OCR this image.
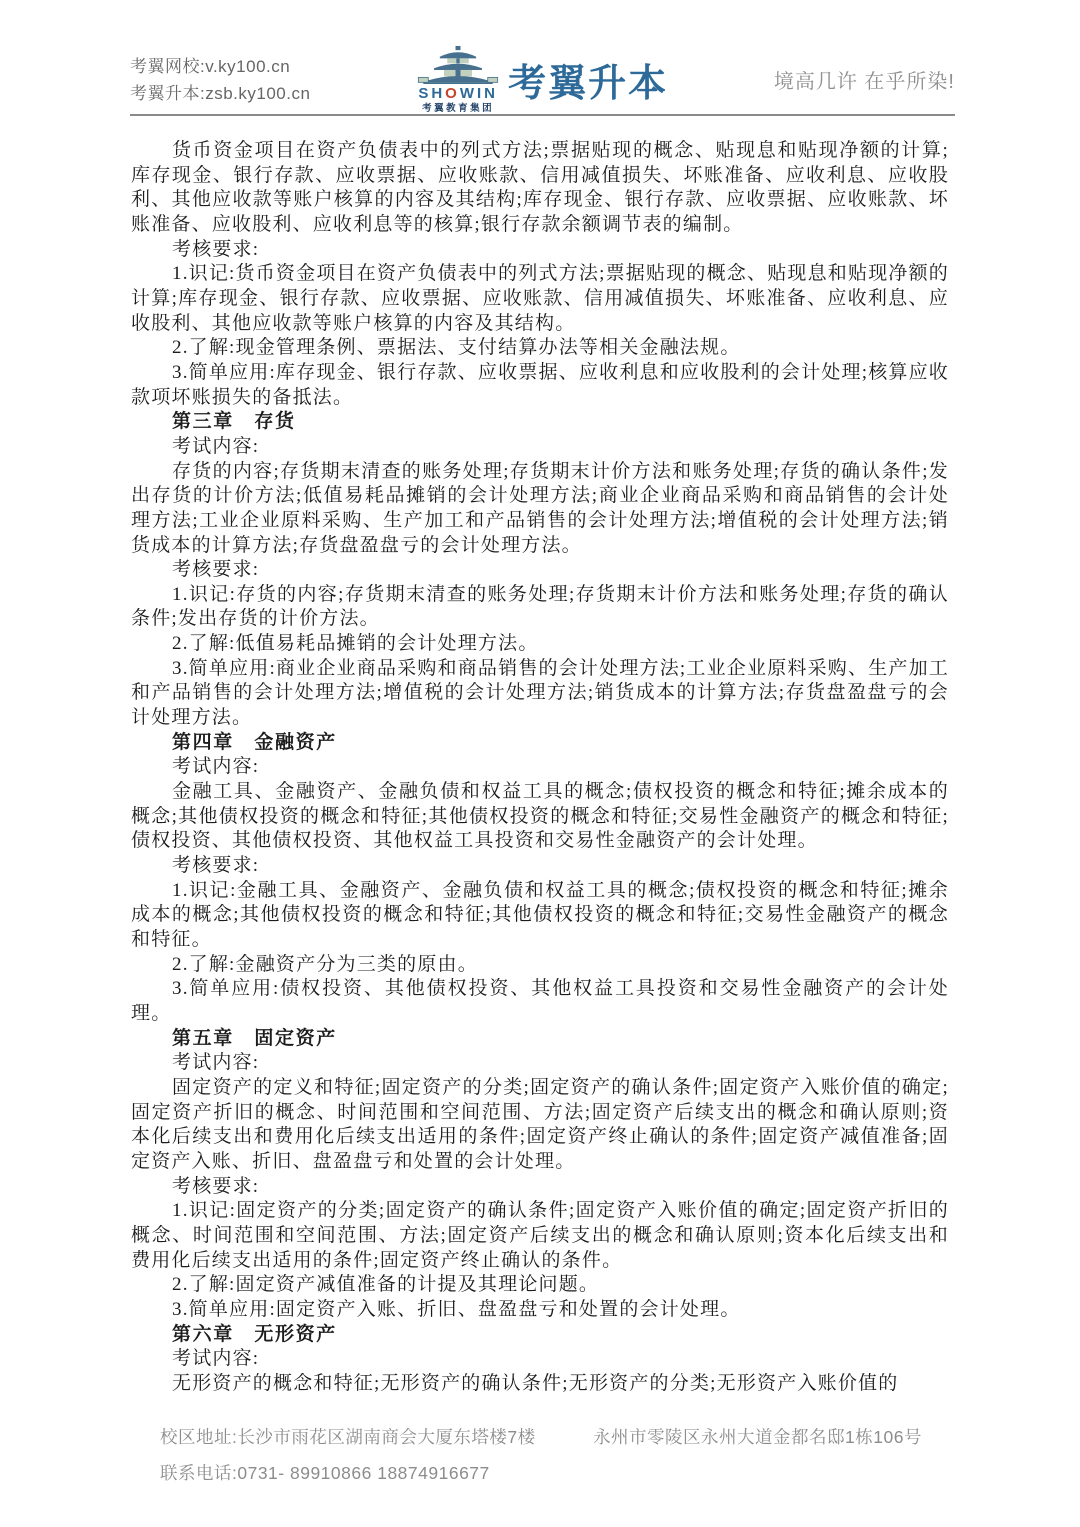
考翼网校:v.ky100.cn
考翼升本:zsb.ky100.cn	SHOWIN
考翼教育集团
考翼升本	境高几许 在乎所染!

货币资金项目在资产负债表中的列式方法;票据贴现的概念、贴现息和贴现净额的计算;库存现金、银行存款、应收票据、应收账款、信用减值损失、坏账准备、应收利息、应收股利、其他应收款等账户核算的内容及其结构;库存现金、银行存款、应收票据、应收账款、坏账准备、应收股利、应收利息等的核算;银行存款余额调节表的编制。

考核要求:

1.识记:货币资金项目在资产负债表中的列式方法;票据贴现的概念、贴现息和贴现净额的计算;库存现金、银行存款、应收票据、应收账款、信用减值损失、坏账准备、应收利息、应收股利、其他应收款等账户核算的内容及其结构。

2.了解:现金管理条例、票据法、支付结算办法等相关金融法规。

3.简单应用:库存现金、银行存款、应收票据、应收利息和应收股利的会计处理;核算应收款项坏账损失的备抵法。

第三章　存货

考试内容:

存货的内容;存货期末清查的账务处理;存货期末计价方法和账务处理;存货的确认条件;发出存货的计价方法;低值易耗品摊销的会计处理方法;商业企业商品采购和商品销售的会计处理方法;工业企业原料采购、生产加工和产品销售的会计处理方法;增值税的会计处理方法;销货成本的计算方法;存货盘盈盘亏的会计处理方法。

考核要求:

1.识记:存货的内容;存货期末清查的账务处理;存货期末计价方法和账务处理;存货的确认条件;发出存货的计价方法。

2.了解:低值易耗品摊销的会计处理方法。

3.简单应用:商业企业商品采购和商品销售的会计处理方法;工业企业原料采购、生产加工和产品销售的会计处理方法;增值税的会计处理方法;销货成本的计算方法;存货盘盈盘亏的会计处理方法。

第四章　金融资产

考试内容:

金融工具、金融资产、金融负债和权益工具的概念;债权投资的概念和特征;摊余成本的概念;其他债权投资的概念和特征;其他债权投资的概念和特征;交易性金融资产的概念和特征;债权投资、其他债权投资、其他权益工具投资和交易性金融资产的会计处理。

考核要求:

1.识记:金融工具、金融资产、金融负债和权益工具的概念;债权投资的概念和特征;摊余成本的概念;其他债权投资的概念和特征;其他债权投资的概念和特征;交易性金融资产的概念和特征。

2.了解:金融资产分为三类的原由。

3.简单应用:债权投资、其他债权投资、其他权益工具投资和交易性金融资产的会计处理。

第五章　固定资产

考试内容:

固定资产的定义和特征;固定资产的分类;固定资产的确认条件;固定资产入账价值的确定;固定资产折旧的概念、时间范围和空间范围、方法;固定资产后续支出的概念和确认原则;资本化后续支出和费用化后续支出适用的条件;固定资产终止确认的条件;固定资产减值准备;固定资产入账、折旧、盘盈盘亏和处置的会计处理。

考核要求:

1.识记:固定资产的分类;固定资产的确认条件;固定资产入账价值的确定;固定资产折旧的概念、时间范围和空间范围、方法;固定资产后续支出的概念和确认原则;资本化后续支出和费用化后续支出适用的条件;固定资产终止确认的条件。

2.了解:固定资产减值准备的计提及其理论问题。

3.简单应用:固定资产入账、折旧、盘盈盘亏和处置的会计处理。

第六章　无形资产

考试内容:

无形资产的概念和特征;无形资产的确认条件;无形资产的分类;无形资产入账价值的

校区地址:长沙市雨花区湖南商会大厦东塔楼7楼	永州市零陵区永州大道金都名邸1栋106号
联系电话:0731- 89910866 18874916677
